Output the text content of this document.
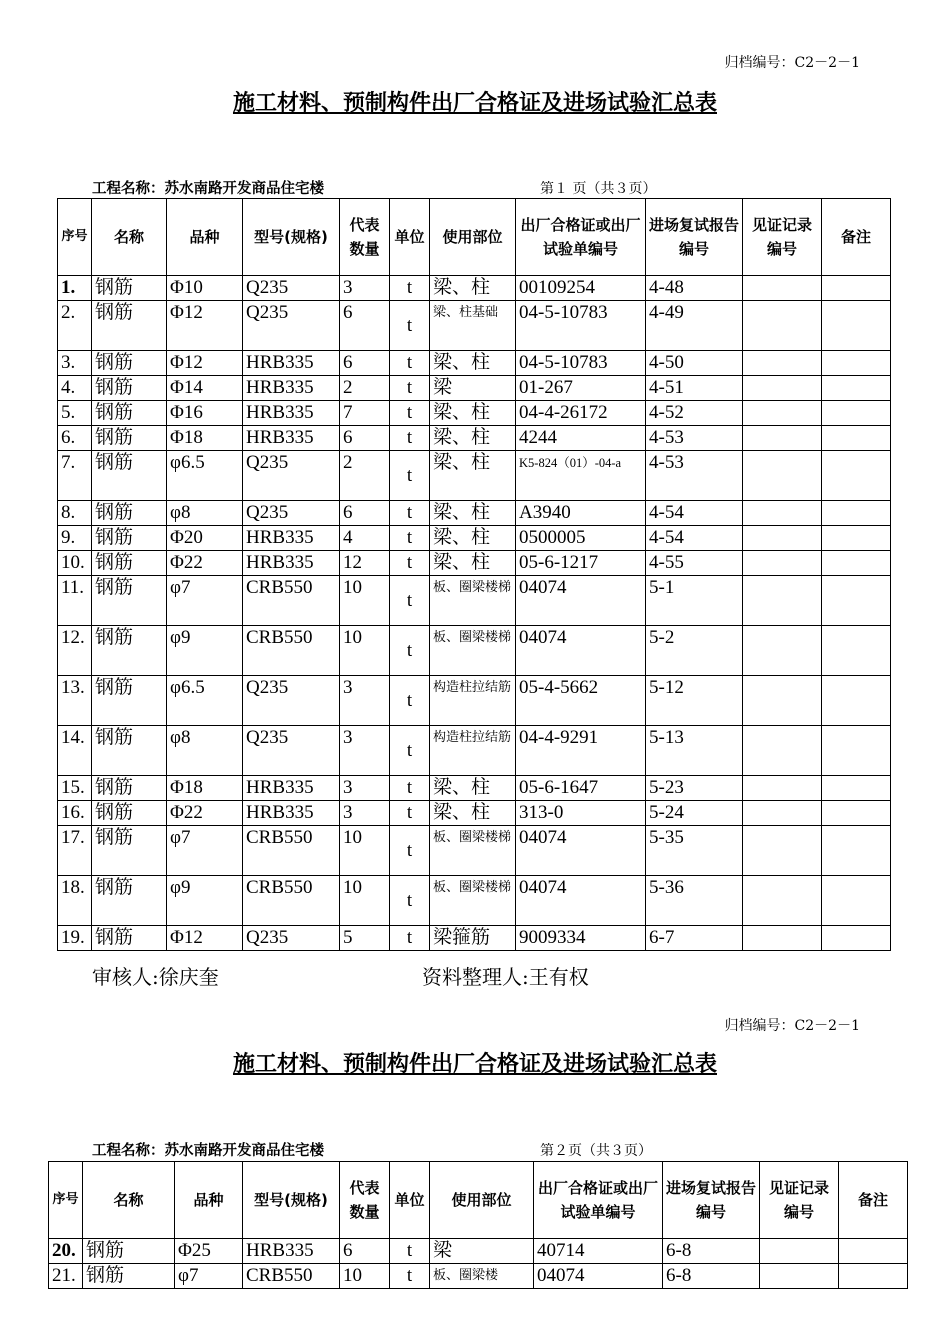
归档编号：C2－2－1
施工材料、预制构件出厂合格证及进场试验汇总表
工程名称：苏水南路开发商品住宅楼	第１ 页（共３页）
序号	名称	品种	型号(规格)	代表数量	单位	使用部位	出厂合格证或出厂试验单编号	进场复试报告编号	见证记录编号	备注
1.	钢筋	Φ10	Q235	3	t	梁、柱	00109254	4-48		
2.	钢筋	Φ12	Q235	6	t	梁、柱基础	04-5-10783	4-49		
3.	钢筋	Φ12	HRB335	6	t	梁、柱	04-5-10783	4-50		
4.	钢筋	Φ14	HRB335	2	t	梁	01-267	4-51		
5.	钢筋	Φ16	HRB335	7	t	梁、柱	04-4-26172	4-52		
6.	钢筋	Φ18	HRB335	6	t	梁、柱	4244	4-53		
7.	钢筋	φ6.5	Q235	2	t	梁、柱	K5-824（01）-04-a	4-53		
8.	钢筋	φ8	Q235	6	t	梁、柱	A3940	4-54		
9.	钢筋	Φ20	HRB335	4	t	梁、柱	0500005	4-54		
10.	钢筋	Φ22	HRB335	12	t	梁、柱	05-6-1217	4-55		
11.	钢筋	φ7	CRB550	10	t	板、圈梁楼梯	04074	5-1		
12.	钢筋	φ9	CRB550	10	t	板、圈梁楼梯	04074	5-2		
13.	钢筋	φ6.5	Q235	3	t	构造柱拉结筋	05-4-5662	5-12		
14.	钢筋	φ8	Q235	3	t	构造柱拉结筋	04-4-9291	5-13		
15.	钢筋	Φ18	HRB335	3	t	梁、柱	05-6-1647	5-23		
16.	钢筋	Φ22	HRB335	3	t	梁、柱	313-0	5-24		
17.	钢筋	φ7	CRB550	10	t	板、圈梁楼梯	04074	5-35		
18.	钢筋	φ9	CRB550	10	t	板、圈梁楼梯	04074	5-36		
19.	钢筋	Φ12	Q235	5	t	梁箍筋	9009334	6-7		
审核人:徐庆奎	资料整理人:王有权
归档编号：C2－2－1
施工材料、预制构件出厂合格证及进场试验汇总表
工程名称：苏水南路开发商品住宅楼	第２页（共３页）
序号	名称	品种	型号(规格)	代表数量	单位	使用部位	出厂合格证或出厂试验单编号	进场复试报告编号	见证记录编号	备注
20.	钢筋	Φ25	HRB335	6	t	梁	40714	6-8		
21.	钢筋	φ7	CRB550	10	t	板、圈梁楼	04074	6-8		
